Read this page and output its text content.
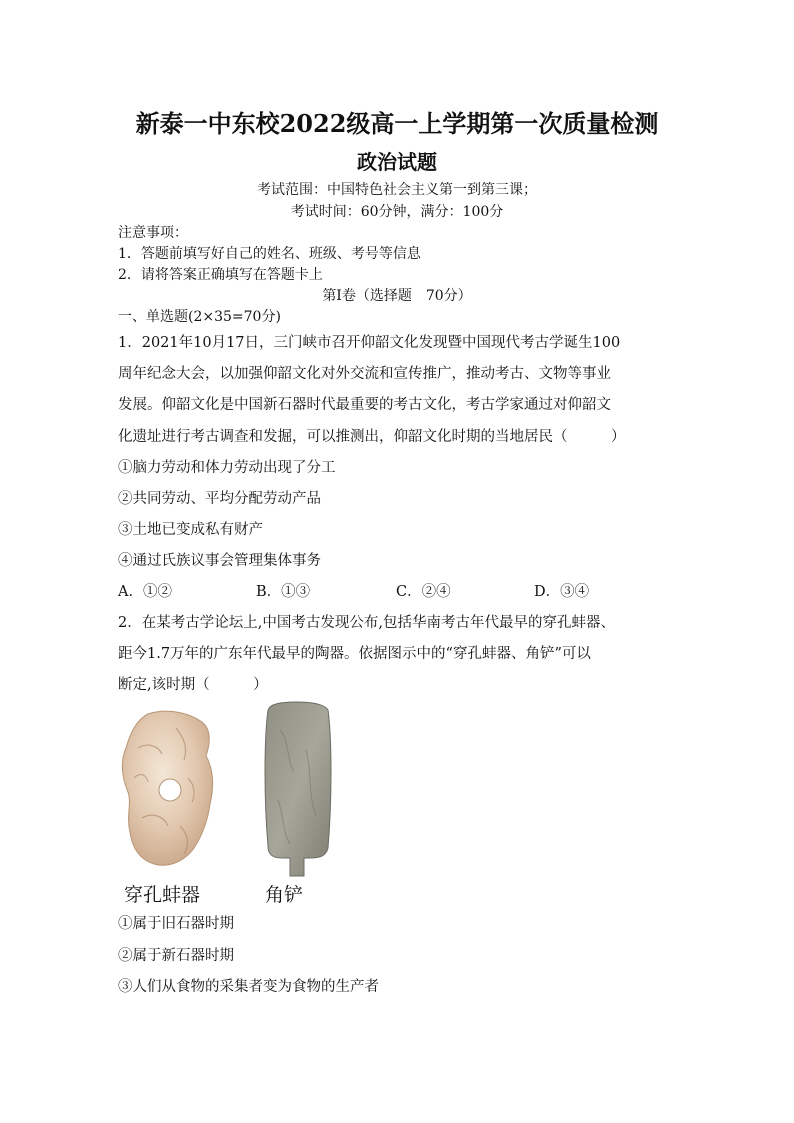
新泰一中东校2022级高一上学期第一次质量检测
政治试题
考试范围：中国特色社会主义第一到第三课；
考试时间：60分钟，满分：100分
注意事项：
1．答题前填写好自己的姓名、班级、考号等信息
2．请将答案正确填写在答题卡上
第Ⅰ卷（选择题　70分）
一、单选题(2×35=70分)
1．2021年10月17日，三门峡市召开仰韶文化发现暨中国现代考古学诞生100
周年纪念大会，以加强仰韶文化对外交流和宣传推广，推动考古、文物等事业
发展。仰韶文化是中国新石器时代最重要的考古文化，考古学家通过对仰韶文
化遗址进行考古调查和发掘，可以推测出，仰韶文化时期的当地居民（　　　）
①脑力劳动和体力劳动出现了分工
②共同劳动、平均分配劳动产品
③土地已变成私有财产
④通过氏族议事会管理集体事务
A．①②	B．①③	C．②④	D．③④
2．在某考古学论坛上,中国考古发现公布,包括华南考古年代最早的穿孔蚌器、
距今1.7万年的广东年代最早的陶器。依据图示中的“穿孔蚌器、角铲”可以
断定,该时期（　　　）
穿孔蚌器	角铲
①属于旧石器时期
②属于新石器时期
③人们从食物的采集者变为食物的生产者
